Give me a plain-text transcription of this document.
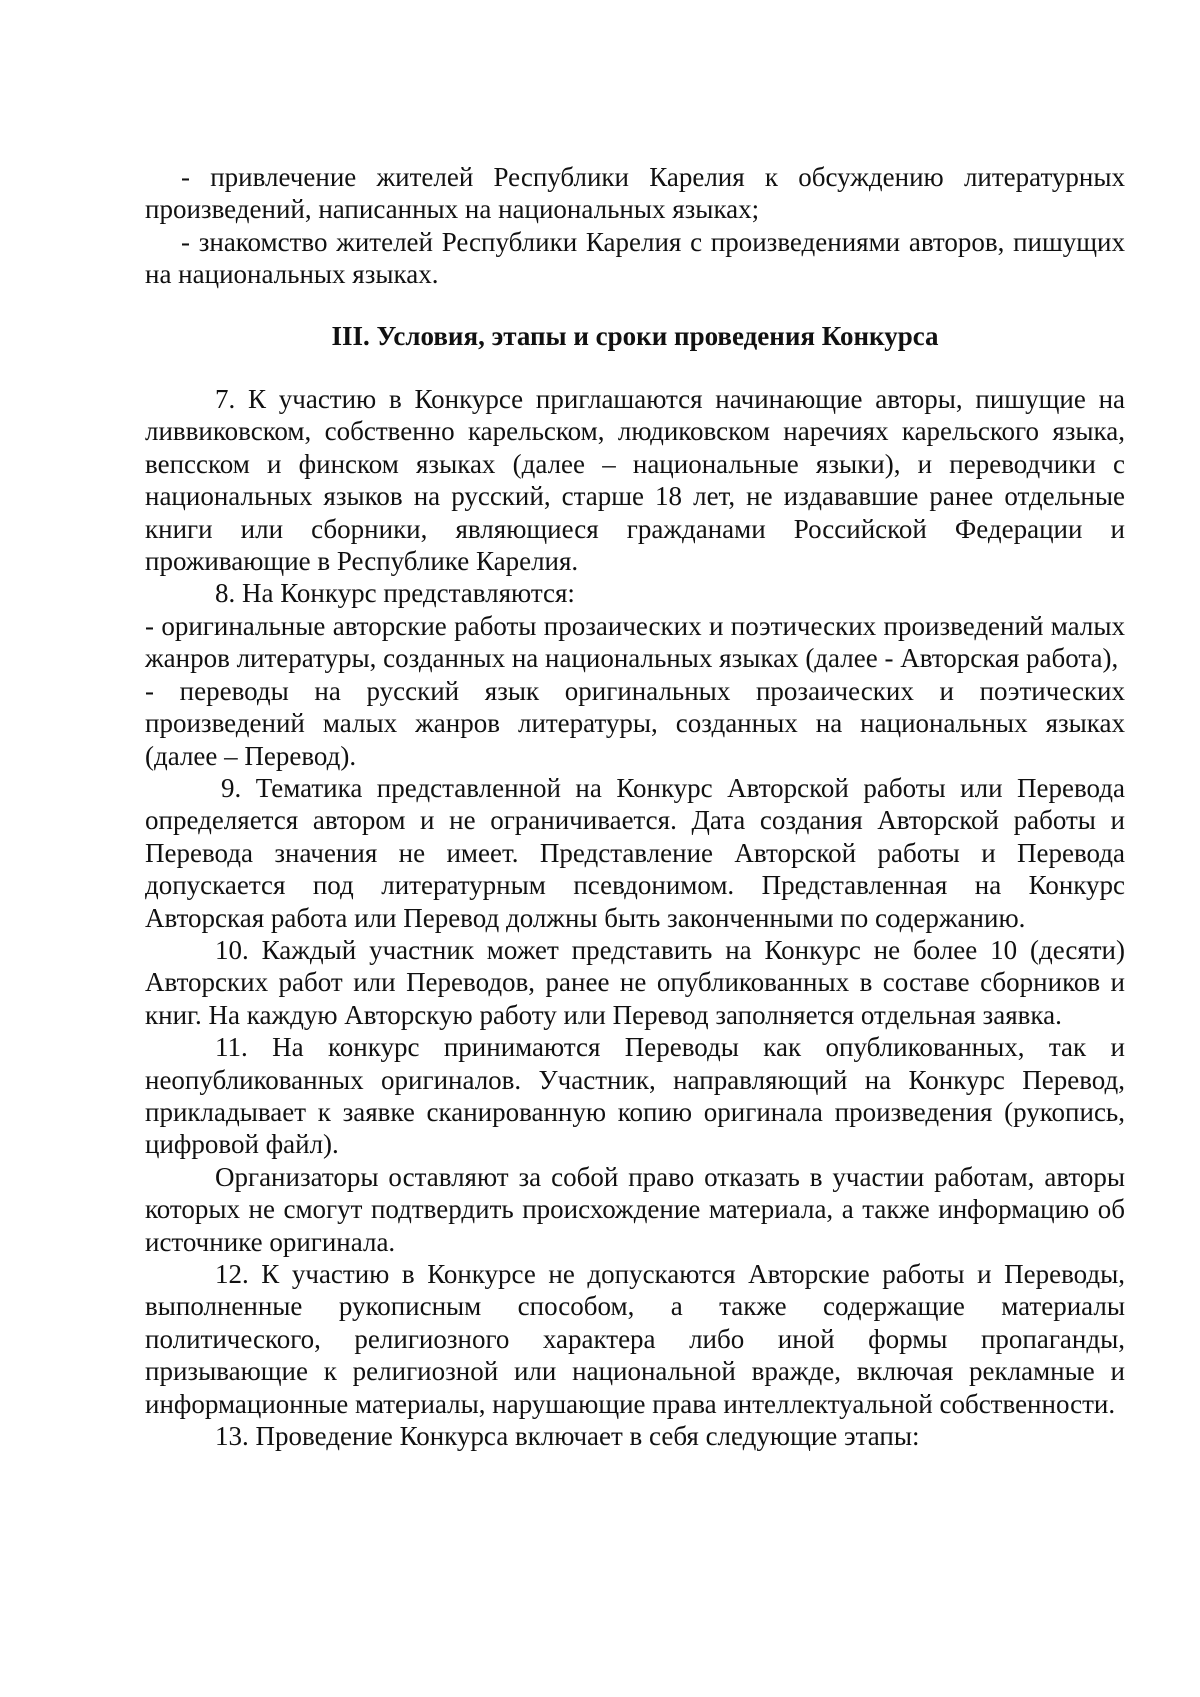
- привлечение жителей Республики Карелия к обсуждению литературных произведений, написанных на национальных языках;

- знакомство жителей Республики Карелия с произведениями авторов, пишущих на национальных языках.

III. Условия, этапы и сроки проведения Конкурса

7. К участию в Конкурсе приглашаются начинающие авторы, пишущие на ливвиковском, собственно карельском, людиковском наречиях карельского языка, вепсском и финском языках (далее – национальные языки), и переводчики с национальных языков на русский, старше 18 лет, не издававшие ранее отдельные книги или сборники, являющиеся гражданами Российской Федерации и проживающие в Республике Карелия.

8. На Конкурс представляются:

- оригинальные авторские работы прозаических и поэтических произведений малых жанров литературы, созданных на национальных языках (далее - Авторская работа),

- переводы на русский язык оригинальных прозаических и поэтических произведений малых жанров литературы, созданных на национальных языках (далее – Перевод).

9. Тематика представленной на Конкурс Авторской работы или Перевода определяется автором и не ограничивается. Дата создания Авторской работы и Перевода значения не имеет. Представление Авторской работы и Перевода допускается под литературным псевдонимом. Представленная на Конкурс Авторская работа или Перевод должны быть законченными по содержанию.

10. Каждый участник может представить на Конкурс не более 10 (десяти) Авторских работ или Переводов, ранее не опубликованных в составе сборников и книг. На каждую Авторскую работу или Перевод заполняется отдельная заявка.

11. На конкурс принимаются Переводы как опубликованных, так и неопубликованных оригиналов. Участник, направляющий на Конкурс Перевод, прикладывает к заявке сканированную копию оригинала произведения (рукопись, цифровой файл).

Организаторы оставляют за собой право отказать в участии работам, авторы которых не смогут подтвердить происхождение материала, а также информацию об источнике оригинала.

12. К участию в Конкурсе не допускаются Авторские работы и Переводы, выполненные рукописным способом, а также содержащие материалы политического, религиозного характера либо иной формы пропаганды, призывающие к религиозной или национальной вражде, включая рекламные и информационные материалы, нарушающие права интеллектуальной собственности.

13. Проведение Конкурса включает в себя следующие этапы:
